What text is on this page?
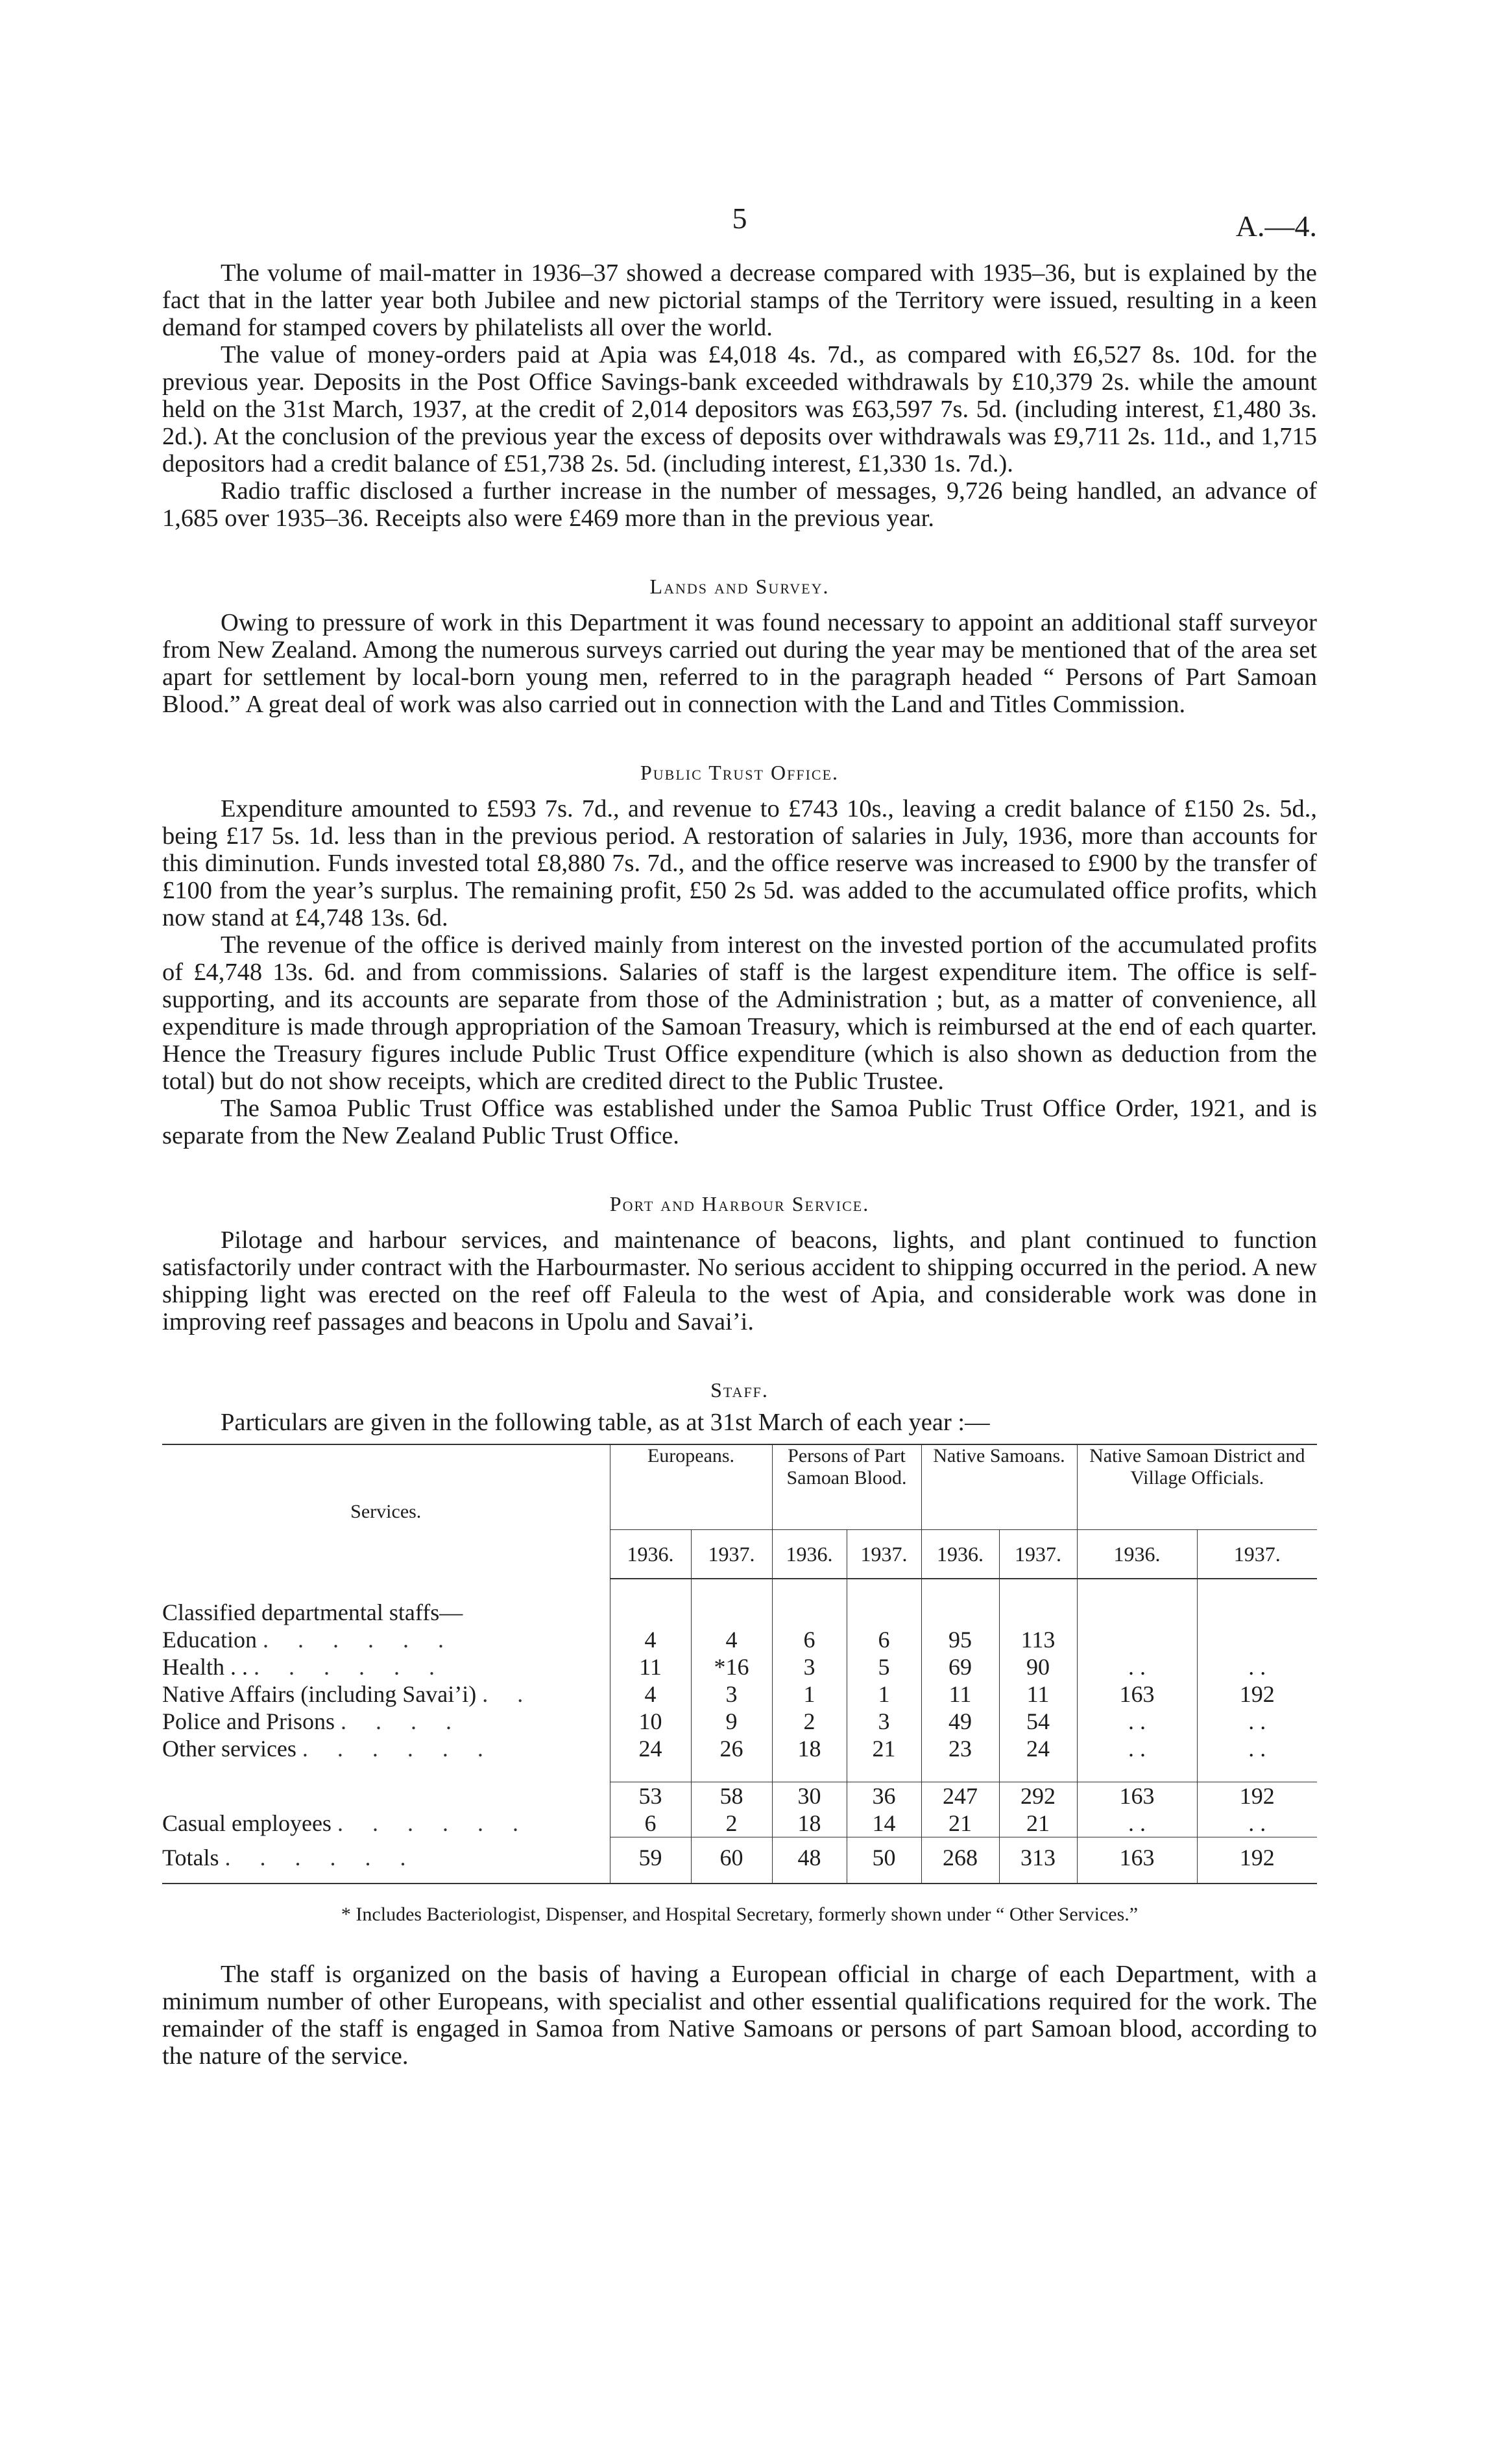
5	A.—4.

The volume of mail-matter in 1936–37 showed a decrease compared with 1935–36, but is explained by the fact that in the latter year both Jubilee and new pictorial stamps of the Territory were issued, resulting in a keen demand for stamped covers by philatelists all over the world.

The value of money-orders paid at Apia was £4,018 4s. 7d., as compared with £6,527 8s. 10d. for the previous year. Deposits in the Post Office Savings-bank exceeded withdrawals by £10,379 2s. while the amount held on the 31st March, 1937, at the credit of 2,014 depositors was £63,597 7s. 5d. (including interest, £1,480 3s. 2d.). At the conclusion of the previous year the excess of deposits over withdrawals was £9,711 2s. 11d., and 1,715 depositors had a credit balance of £51,738 2s. 5d. (including interest, £1,330 1s. 7d.).

Radio traffic disclosed a further increase in the number of messages, 9,726 being handled, an advance of 1,685 over 1935–36. Receipts also were £469 more than in the previous year.

Lands and Survey.

Owing to pressure of work in this Department it was found necessary to appoint an additional staff surveyor from New Zealand. Among the numerous surveys carried out during the year may be mentioned that of the area set apart for settlement by local-born young men, referred to in the paragraph headed “ Persons of Part Samoan Blood.” A great deal of work was also carried out in connection with the Land and Titles Commission.

Public Trust Office.

Expenditure amounted to £593 7s. 7d., and revenue to £743 10s., leaving a credit balance of £150 2s. 5d., being £17 5s. 1d. less than in the previous period. A restoration of salaries in July, 1936, more than accounts for this diminution. Funds invested total £8,880 7s. 7d., and the office reserve was increased to £900 by the transfer of £100 from the year’s surplus. The remaining profit, £50 2s 5d. was added to the accumulated office profits, which now stand at £4,748 13s. 6d.

The revenue of the office is derived mainly from interest on the invested portion of the accumulated profits of £4,748 13s. 6d. and from commissions. Salaries of staff is the largest expenditure item. The office is self-supporting, and its accounts are separate from those of the Administration ; but, as a matter of convenience, all expenditure is made through appropriation of the Samoan Treasury, which is reimbursed at the end of each quarter. Hence the Treasury figures include Public Trust Office expenditure (which is also shown as deduction from the total) but do not show receipts, which are credited direct to the Public Trustee.

The Samoa Public Trust Office was established under the Samoa Public Trust Office Order, 1921, and is separate from the New Zealand Public Trust Office.

Port and Harbour Service.

Pilotage and harbour services, and maintenance of beacons, lights, and plant continued to function satisfactorily under contract with the Harbourmaster. No serious accident to shipping occurred in the period. A new shipping light was erected on the reef off Faleula to the west of Apia, and considerable work was done in improving reef passages and beacons in Upolu and Savai’i.

Staff.

Particulars are given in the following table, as at 31st March of each year :—

Services.	Europeans.		Persons of Part Samoan Blood.		Native Samoans.		Native Samoan District and Village Officials.	
	1936.	1937.	1936.	1937.	1936.	1937.	1936.	1937.

Classified departmental staffs—								
Education . . . . . .	4	4	6	6	95	113		
Health . . . . . . . .	11	*16	3	5	69	90	. .	. .
Native Affairs (including Savai’i) . .	4	3	1	1	11	11	163	192
Police and Prisons . . . .	10	9	2	3	49	54	. .	. .
Other services . . . . . .	24	26	18	21	23	24	. .	. .

	53	58	30	36	247	292	163	192
Casual employees . . . . . .	6	2	18	14	21	21	. .	. .
Totals . . . . . .	59	60	48	50	268	313	163	192
* Includes Bacteriologist, Dispenser, and Hospital Secretary, formerly shown under “ Other Services.”

The staff is organized on the basis of having a European official in charge of each Department, with a minimum number of other Europeans, with specialist and other essential qualifications required for the work. The remainder of the staff is engaged in Samoa from Native Samoans or persons of part Samoan blood, according to the nature of the service.
